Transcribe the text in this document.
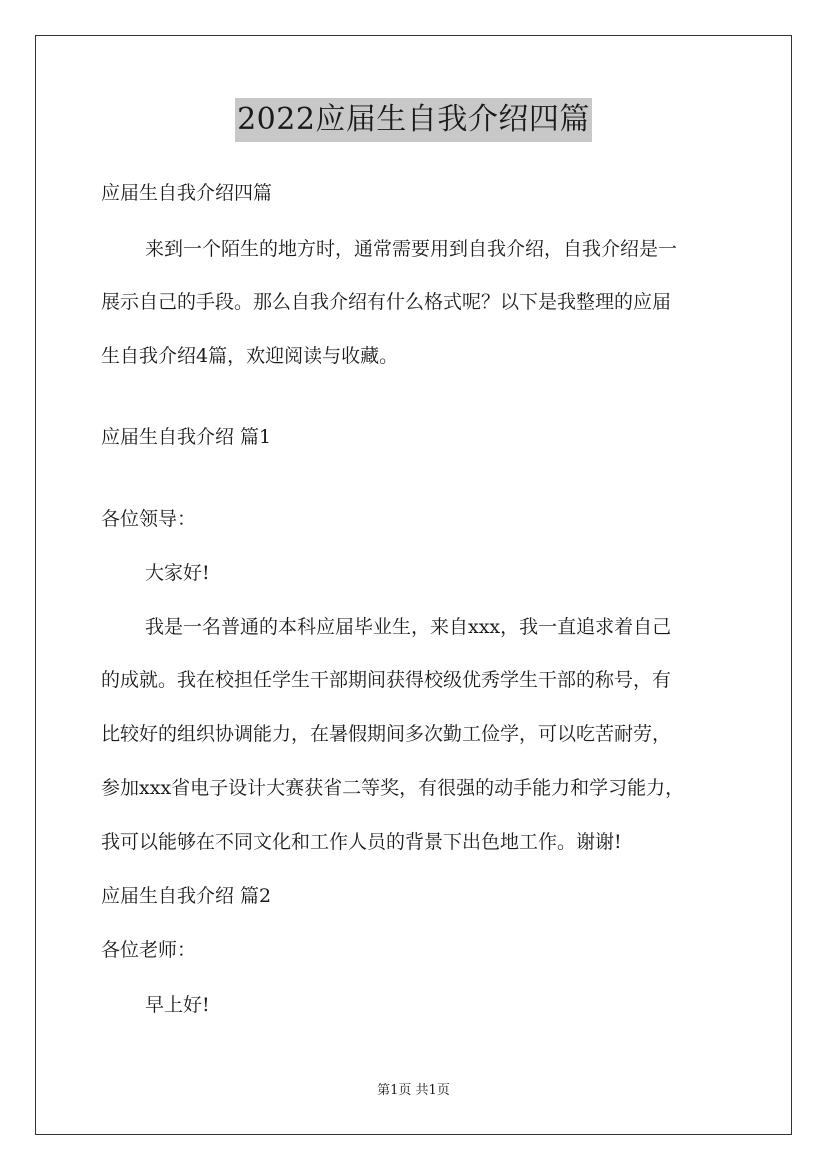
2022应届生自我介绍四篇
应届生自我介绍四篇
来到一个陌生的地方时，通常需要用到自我介绍，自我介绍是一
展示自己的手段。那么自我介绍有什么格式呢？以下是我整理的应届
生自我介绍4篇，欢迎阅读与收藏。
应届生自我介绍 篇1
各位领导：
大家好!
我是一名普通的本科应届毕业生，来自xxx，我一直追求着自己
的成就。我在校担任学生干部期间获得校级优秀学生干部的称号，有
比较好的组织协调能力，在暑假期间多次勤工俭学，可以吃苦耐劳，
参加xxx省电子设计大赛获省二等奖，有很强的动手能力和学习能力，
我可以能够在不同文化和工作人员的背景下出色地工作。谢谢!
应届生自我介绍 篇2
各位老师：
早上好!
第1页 共1页
